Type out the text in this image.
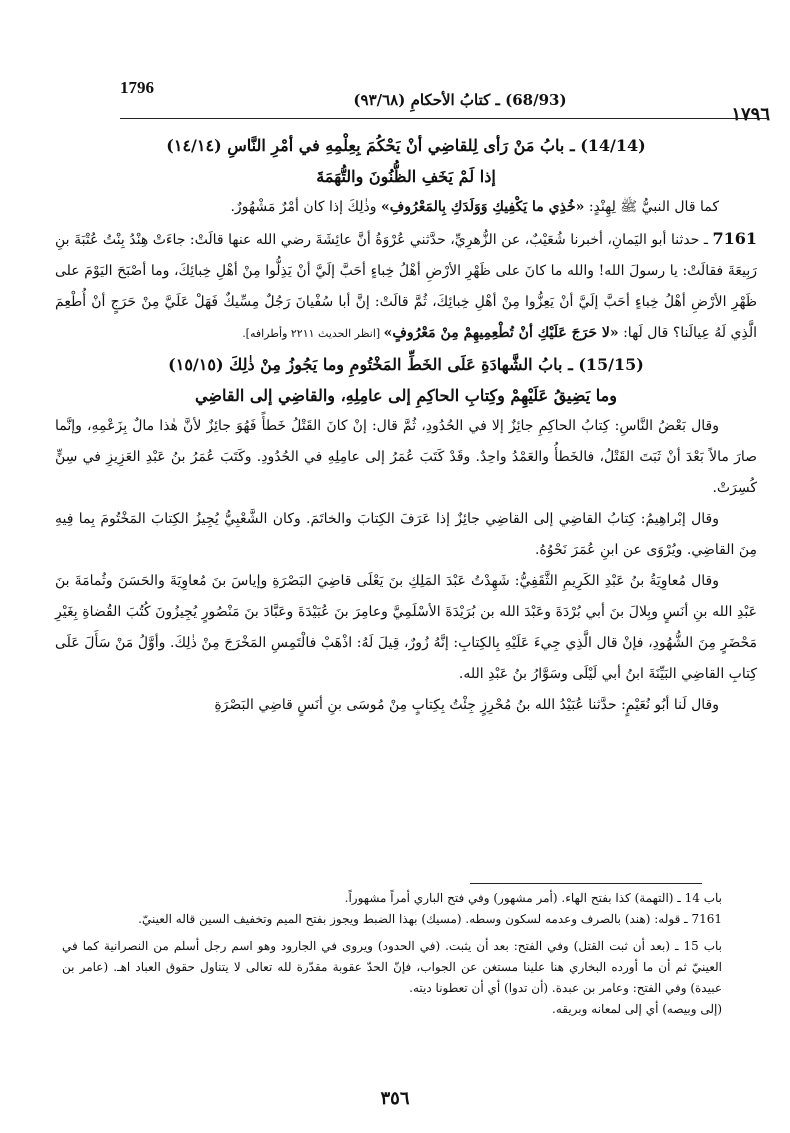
1796
(68/93) ـ كتابُ الأحكامِ (٩٣/٦٨)
١٧٩٦
(14/14) ـ بابُ مَنْ رَأى لِلقاضِي أنْ يَحْكُمَ بِعِلْمِهِ في أمْرِ النَّاسِ (١٤/١٤)
إذا لَمْ يَخَفِ الظُّنُونَ والتُّهَمَةَ

كما قال النبيُّ ﷺ لِهِنْدٍ: «خُذِي ما يَكْفِيكِ وَوَلَدَكِ بِالمَعْرُوفِ» وذٰلِكَ إذا كان أمْرٌ مَشْهُورٌ.

7161 ـ حدثنا أبو اليَمانِ، أخبرنا شُعَيْبٌ، عن الزُّهرِيِّ، حدَّثني عُرْوَةُ أنَّ عائِشَةَ رضي الله عنها قالَتْ: جاءَتْ هِنْدُ بِنْتُ عُتْبَةَ بنِ رَبِيعَةَ فقالَتْ: يا رسولَ الله! والله ما كانَ على ظَهْرِ الأرْضِ أهْلُ خِباءٍ أحَبَّ إلَيَّ أنْ يَذِلُّوا مِنْ أهْلِ خِبائِكَ، وما أصْبَحَ اليَوْمَ على ظَهْرِ الأرْضِ أهْلُ خِباءٍ أحَبَّ إلَيَّ أنْ يَعِزُّوا مِنْ أهْلِ خِبائِكَ، ثُمَّ قالَتْ: إنَّ أبا سُفْيانَ رَجُلٌ مِسِّيكٌ فَهَلْ عَلَيَّ مِنْ حَرَجٍ أنْ أُطْعِمَ الَّذِي لَهُ عِيالَنا؟ قال لَها: «لا حَرَجَ عَلَيْكِ أنْ تُطْعِمِيهِمْ مِنْ مَعْرُوفٍ» [انظر الحديث ٢٢١١ وأطرافه].

(15/15) ـ بابُ الشَّهادَةِ عَلَى الخَطِّ المَخْتُومِ وما يَجُوزُ مِنْ ذٰلِكَ (١٥/١٥)
وما يَضِيقُ عَلَيْهِمْ وكِتابِ الحاكِمِ إلى عامِلِهِ، والقاضِي إلى القاضِي

وقال بَعْضُ النَّاسِ: كِتابُ الحاكِمِ جائِزٌ إلا في الحُدُودِ، ثُمَّ قال: إنْ كانَ القَتْلُ خَطأً فَهُوَ جائِزٌ لأنَّ هٰذا مالٌ بِزَعْمِهِ، وإنَّما صارَ مالاً بَعْدَ أنْ ثَبَتَ القَتْلُ، فالخَطأُ والعَمْدُ واحِدٌ. وقَدْ كَتَبَ عُمَرُ إلى عامِلِهِ في الحُدُودِ. وكَتَبَ عُمَرُ بنُ عَبْدِ العَزِيزِ في سِنٍّ كُسِرَتْ.

وقال إبْراهِيمُ: كِتابُ القاضِي إلى القاضِي جائِزٌ إذا عَرَفَ الكِتابَ والخاتَمَ. وكان الشَّعْبِيُّ يُجِيزُ الكِتابَ المَخْتُومَ بِما فِيهِ مِنَ القاضِي. ويُرْوَى عن ابنِ عُمَرَ نَحْوُهُ.

وقال مُعاوِيَةُ بنُ عَبْدِ الكَرِيمِ الثَّقَفِيُّ: شَهِدْتُ عَبْدَ المَلِكِ بنَ يَعْلَى قاضِيَ البَصْرَةِ وإياسَ بنَ مُعاوِيَةَ والحَسَنَ وثُمامَةَ بنَ عَبْدِ الله بنِ أنَسٍ وبِلالَ بنَ أبي بُرْدَةَ وعَبْدَ الله بن بُرَيْدَةَ الأسْلَمِيَّ وعامِرَ بنَ عُبَيْدَةَ وعَبَّادَ بنَ مَنْصُورٍ يُجِيزُونَ كُتُبَ القُضاةِ بِغَيْرِ مَحْضَرٍ مِنَ الشُّهُودِ، فإنْ قال الَّذِي جِيءَ عَلَيْهِ بِالكِتابِ: إنَّهُ زُورٌ، قِيلَ لَهُ: اذْهَبْ فالْتَمِسِ المَخْرَجَ مِنْ ذٰلِكَ. وأوَّلُ مَنْ سَأَلَ عَلَى كِتابِ القاضِي البَيِّنَةَ ابنُ أبي لَيْلَى وسَوَّارُ بنُ عَبْدِ الله.

وقال لَنا أبُو نُعَيْمٍ: حدَّثنا عُبَيْدُ الله بنُ مُحْرِزٍ جِئْتُ بِكِتابٍ مِنْ مُوسَى بنِ أنَسٍ قاضِي البَصْرَةِ

باب 14 ـ (التهمة) كذا بفتح الهاء. (أمر مشهور) وفي فتح الباري أمراً مشهوراً.

7161 ـ قوله: (هند) بالصرف وعدمه لسكون وسطه. (مسيك) بهذا الضبط ويجوز بفتح الميم وتخفيف السين قاله العينيّ.

باب 15 ـ (بعد أن ثبت القتل) وفي الفتح: بعد أن يثبت. (في الحدود) ويروى في الجارود وهو اسم رجل أسلم من النصرانية كما في العينيّ ثم أن ما أورده البخاري هنا علينا مستغن عن الجواب، فإنّ الحدّ عقوبة مقدّرة لله تعالى لا يتناول حقوق العباد اهـ. (عامر بن عبيدة) وفي الفتح: وعامر بن عبدة. (أن تدوا) أي أن تعطونا ديته.

(إلى وبيصه) أي إلى لمعانه وبريقه.

٣٥٦
